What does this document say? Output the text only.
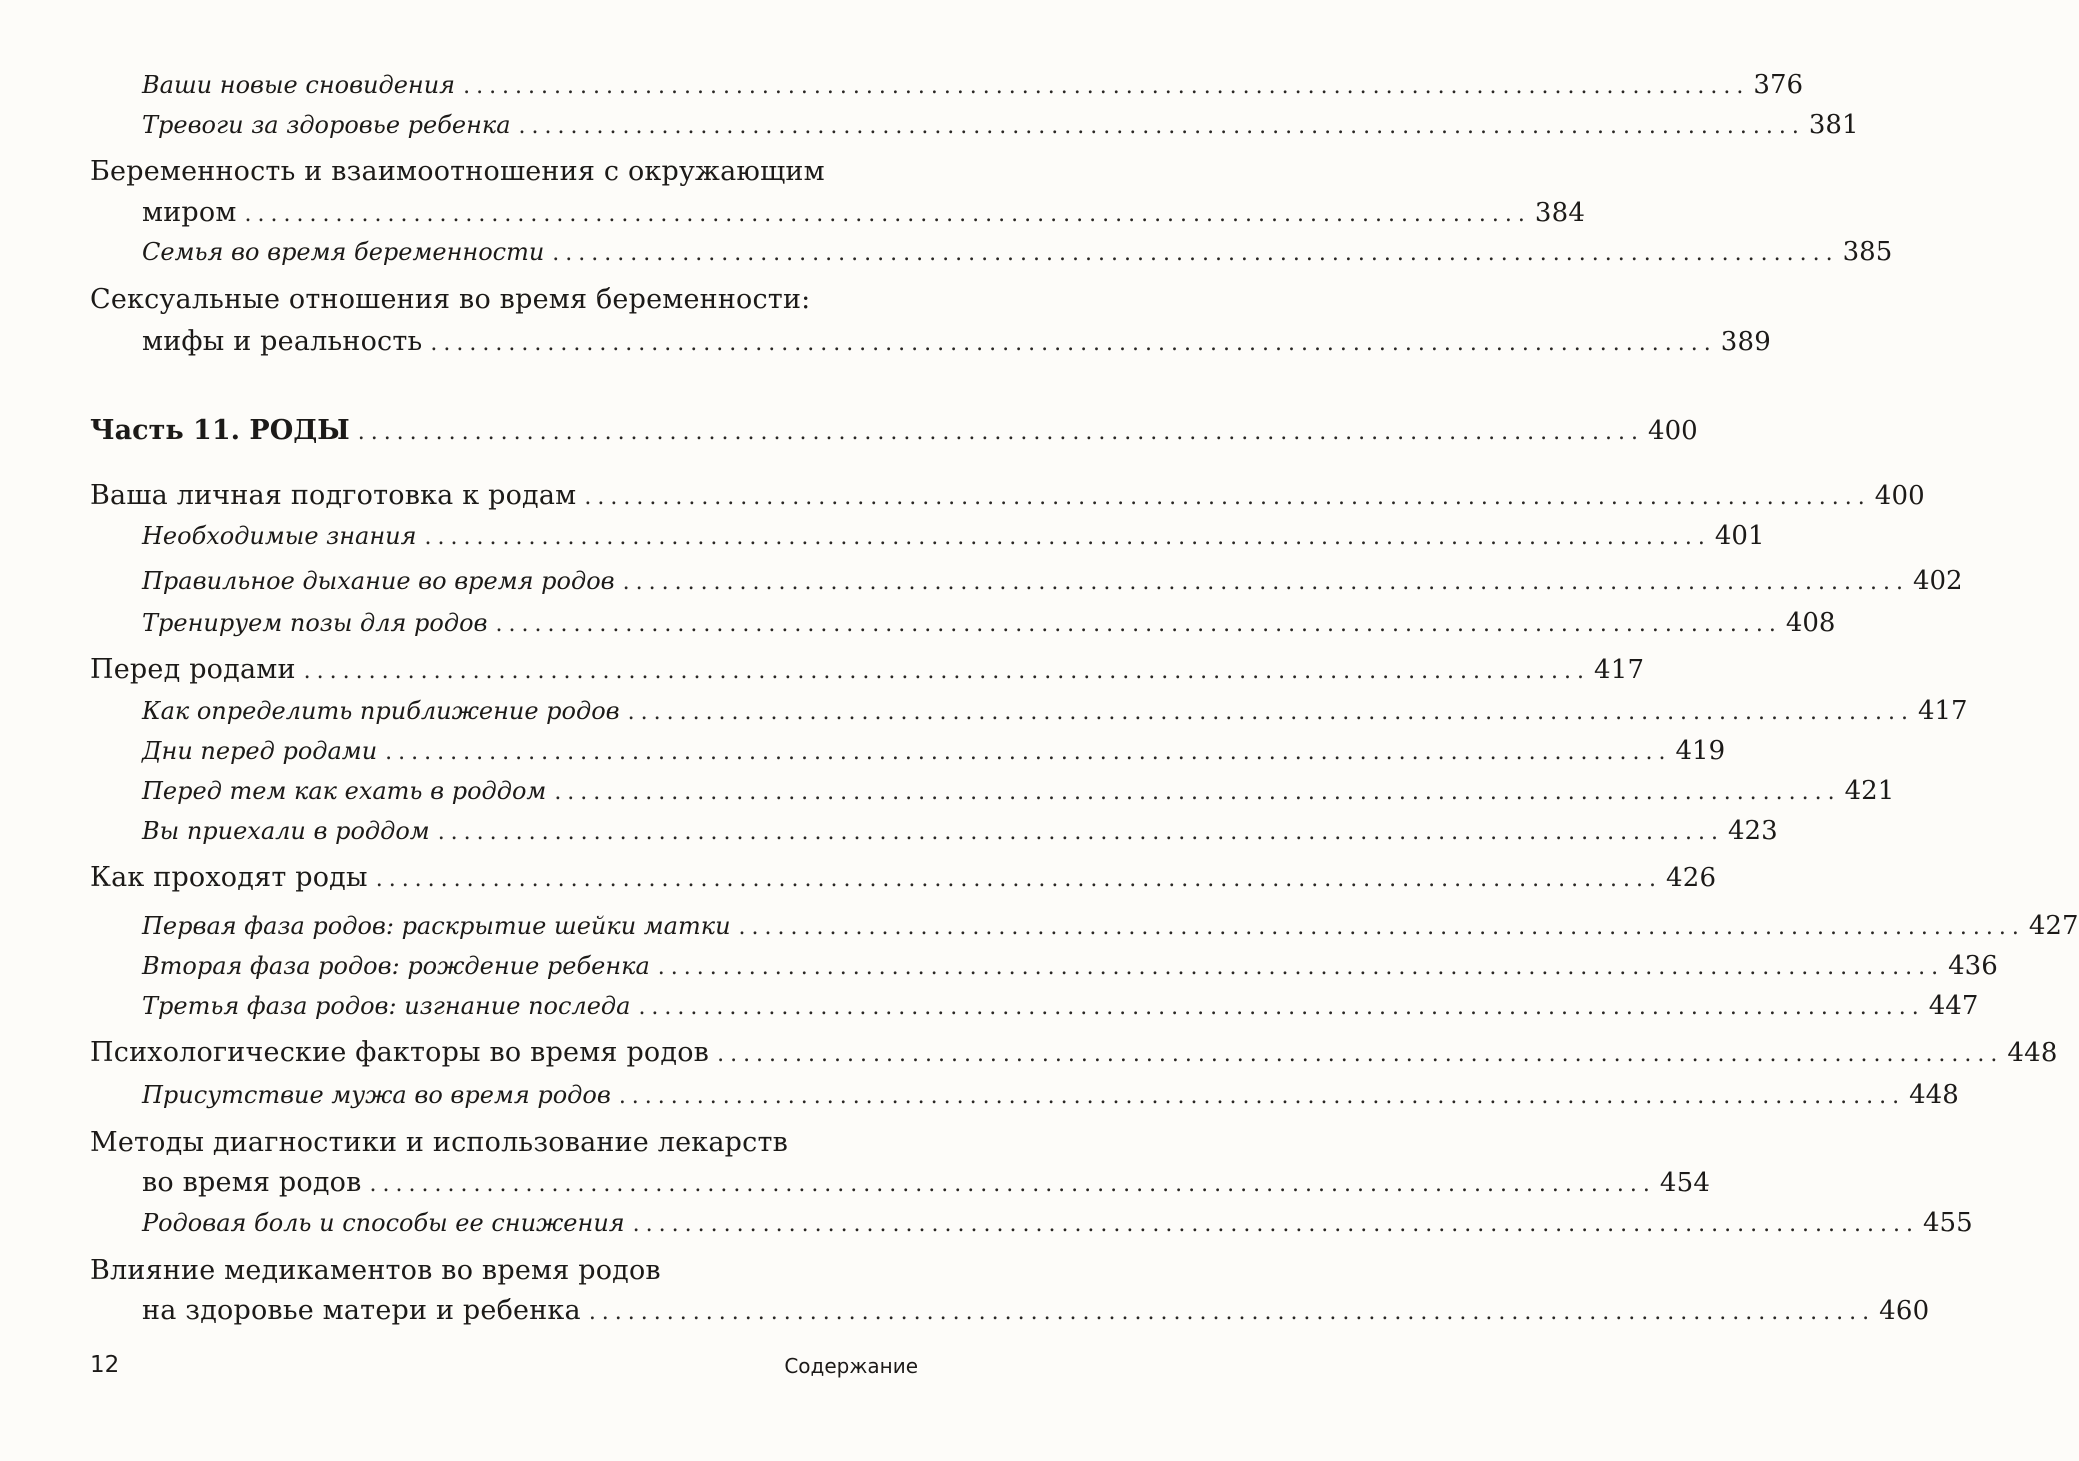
Ваши новые сновидения ................................................................................................... 376
Тревоги за здоровье ребенка ................................................................................................... 381
Беременность и взаимоотношения с окружающим
миром ................................................................................................... 384
Семья во время беременности ................................................................................................... 385
Сексуальные отношения во время беременности:
мифы и реальность ................................................................................................... 389
Часть 11. РОДЫ ................................................................................................... 400
Ваша личная подготовка к родам ................................................................................................... 400
Необходимые знания ................................................................................................... 401
Правильное дыхание во время родов ................................................................................................... 402
Тренируем позы для родов ................................................................................................... 408
Перед родами ................................................................................................... 417
Как определить приближение родов ................................................................................................... 417
Дни перед родами ................................................................................................... 419
Перед тем как ехать в роддом ................................................................................................... 421
Вы приехали в роддом ................................................................................................... 423
Как проходят роды ................................................................................................... 426
Первая фаза родов: раскрытие шейки матки ................................................................................................... 427
Вторая фаза родов: рождение ребенка ................................................................................................... 436
Третья фаза родов: изгнание последа ................................................................................................... 447
Психологические факторы во время родов ................................................................................................... 448
Присутствие мужа во время родов ................................................................................................... 448
Методы диагностики и использование лекарств
во время родов ................................................................................................... 454
Родовая боль и способы ее снижения ................................................................................................... 455
Влияние медикаментов во время родов
на здоровье матери и ребенка ................................................................................................... 460
12	Содержание
